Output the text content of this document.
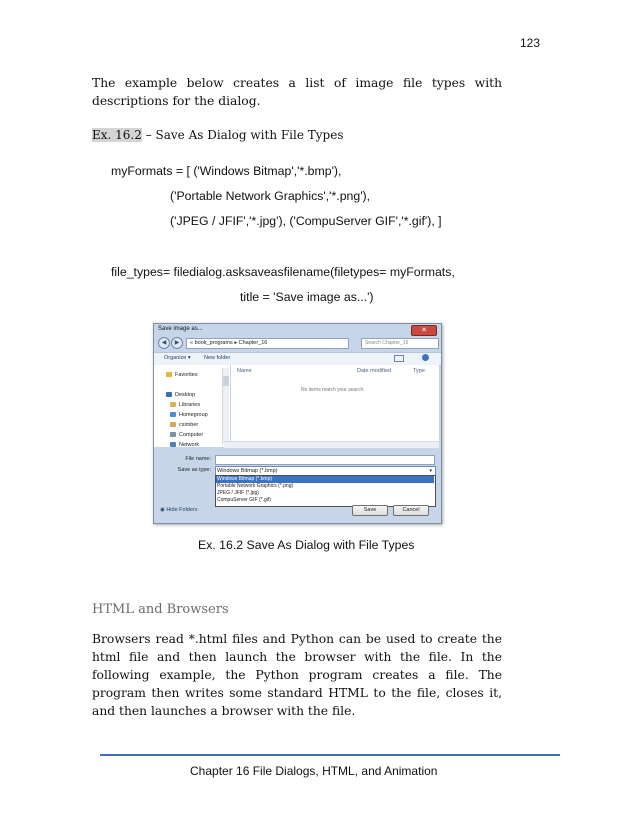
123
The example below creates a list of image file types with descriptions for the dialog.
Ex. 16.2 – Save As Dialog with File Types
myFormats = [ ('Windows Bitmap','*.bmp'),
('Portable Network Graphics','*.png'),
('JPEG / JFIF','*.jpg'), ('CompuServer GIF','*.gif'), ]
file_types= filedialog.asksaveasfilename(filetypes= myFormats,
title = 'Save image as...')
Save image as...	✕
◀	▶	« book_programs ▸ Chapter_16	Search Chapter_16
Organize ▾ New folder
Favorites
Desktop
Libraries
Homegroup
csimber
Computer
Network
Name	Date modified	Type
No items match your search.
File name:
Save as type:	Windows Bitmap (*.bmp)	▾
Windows Bitmap (*.bmp)
Portable Network Graphics (*.png)
JPEG / JFIF (*.jpg)
CompuServer GIF (*.gif)
◉ Hide Folders	Save	Cancel
Ex. 16.2 Save As Dialog with File Types
HTML and Browsers
Browsers read *.html files and Python can be used to create the html file and then launch the browser with the file. In the following example, the Python program creates a file. The program then writes some standard HTML to the file, closes it, and then launches a browser with the file.
Chapter 16 File Dialogs, HTML, and Animation
